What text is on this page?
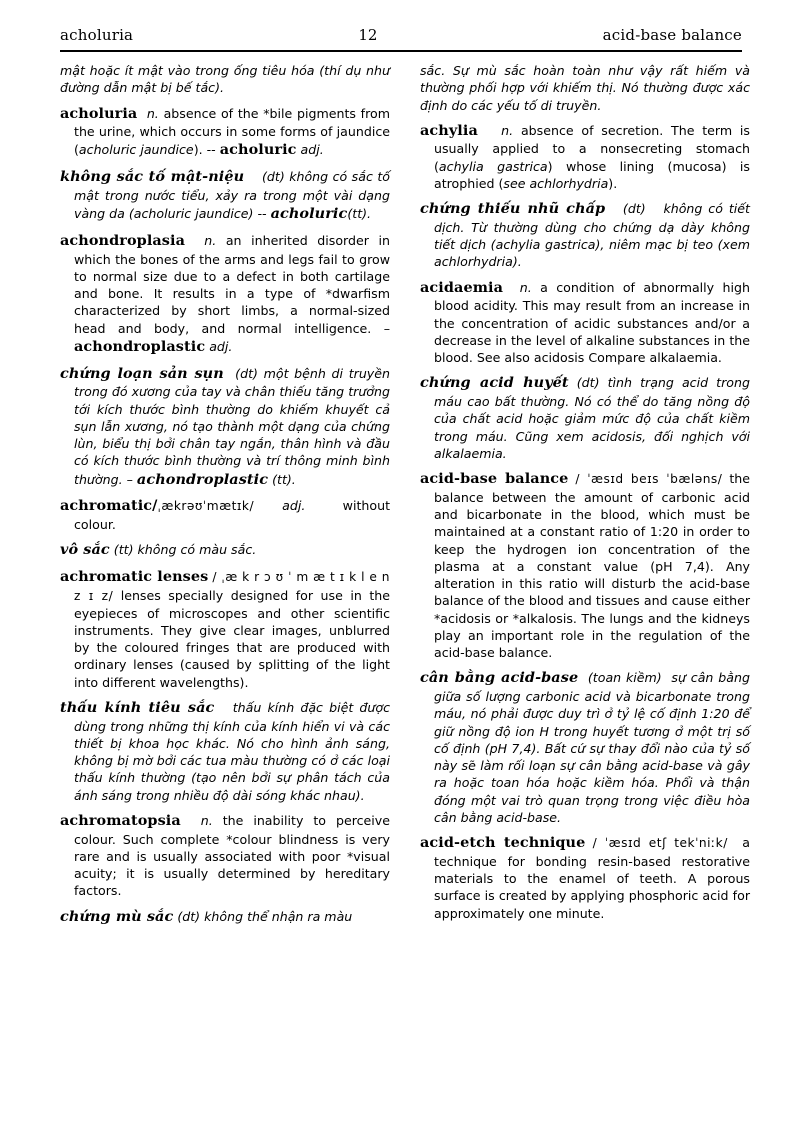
acholuria	12	acid-base balance
mật hoặc ít mật vào trong ống tiêu hóa (thí dụ như đường dẫn mật bị bế tắc).
acholuria n. absence of the *bile pigments from the urine, which occurs in some forms of jaundice (acholuric jaundice). -- acholuric adj.
không sắc tố mật-niệu (dt) không có sắc tố mật trong nước tiểu, xảy ra trong một vài dạng vàng da (acholuric jaundice) -- acholuric(tt).
achondroplasia n. an inherited disorder in which the bones of the arms and legs fail to grow to normal size due to a defect in both cartilage and bone. It results in a type of *dwarfism characterized by short limbs, a normal-sized head and body, and normal intelligence. – achondroplastic adj.
chứng loạn sản sụn (dt) một bệnh di truyền trong đó xương của tay và chân thiếu tăng trưởng tới kích thước bình thường do khiếm khuyết cả sụn lẫn xương, nó tạo thành một dạng của chứng lùn, biểu thị bởi chân tay ngắn, thân hình và đầu có kích thước bình thường và trí thông minh bình thường. – achondroplastic (tt).
achromatic/ˌækrəʊˈmætɪk/ adj.	without colour.
vô sắc (tt) không có màu sắc.
achromatic lenses / ˌæ k r ɔ ʊ ˈ m æ t ɪ k l e n z ɪ z/ lenses specially designed for use in the eyepieces of microscopes and other scientific instruments. They give clear images, unblurred by the coloured fringes that are produced with ordinary lenses (caused by splitting of the light into different wavelengths).
thấu kính tiêu sắc thấu kính đặc biệt được dùng trong những thị kính của kính hiển vi và các thiết bị khoa học khác. Nó cho hình ảnh sáng, không bị mờ bởi các tua màu thường có ở các loại thấu kính thường (tạo nên bởi sự phân tách của ánh sáng trong nhiều độ dài sóng khác nhau).
achromatopsia n. the inability to perceive colour. Such complete *colour blindness is very rare and is usually associated with poor *visual acuity; it is usually determined by hereditary factors.
chứng mù sắc (dt) không thể nhận ra màu
sắc. Sự mù sắc hoàn toàn như vậy rất hiếm và thường phối hợp với khiếm thị. Nó thường được xác định do các yếu tố di truyền.
achylia n. absence of secretion. The term is usually applied to a nonsecreting stomach (achylia gastrica) whose lining (mucosa) is atrophied (see achlorhydria).
chứng thiếu nhũ chấp (dt) không có tiết dịch. Từ thường dùng cho chứng dạ dày không tiết dịch (achylia gastrica), niêm mạc bị teo (xem achlorhydria).
acidaemia n. a condition of abnormally high blood acidity. This may result from an increase in the concentration of acidic substances and/or a decrease in the level of alkaline substances in the blood. See also acidosis Compare alkalaemia.
chứng acid huyết (dt) tình trạng acid trong máu cao bất thường. Nó có thể do tăng nồng độ của chất acid hoặc giảm mức độ của chất kiềm trong máu. Cũng xem acidosis, đối nghịch với alkalaemia.
acid-base balance / ˈæsɪd beɪs ˈbæləns/ the balance between the amount of carbonic acid and bicarbonate in the blood, which must be maintained at a constant ratio of 1:20 in order to keep the hydrogen ion concentration of the plasma at a constant value (pH 7,4). Any alteration in this ratio will disturb the acid-base balance of the blood and tissues and cause either *acidosis or *alkalosis. The lungs and the kidneys play an important role in the regulation of the acid-base balance.
cân bằng acid-base (toan kiềm) sự cân bằng giữa số lượng carbonic acid và bicarbonate trong máu, nó phải được duy trì ở tỷ lệ cố định 1:20 để giữ nồng độ ion H trong huyết tương ở một trị số cố định (pH 7,4). Bất cứ sự thay đổi nào của tỷ số này sẽ làm rối loạn sự cân bằng acid-base và gây ra hoặc toan hóa hoặc kiềm hóa. Phổi và thận đóng một vai trò quan trọng trong việc điều hòa cân bằng acid-base.
acid-etch technique / ˈæsɪd etʃ tekˈniːk/ a technique for bonding resin-based restorative materials to the enamel of teeth. A porous surface is created by applying phosphoric acid for approximately one minute.
